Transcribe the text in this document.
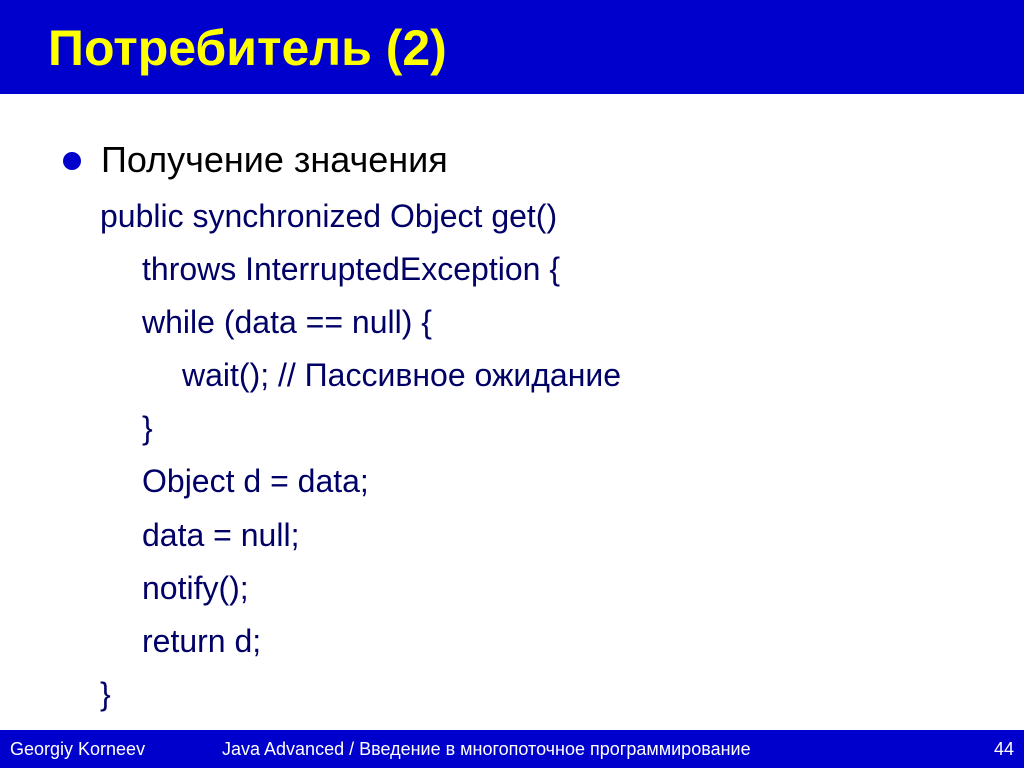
Потребитель (2)
Получение значения
public synchronized Object get()
throws InterruptedException {
while (data == null) {
wait(); // Пассивное ожидание
}
Object d = data;
data = null;
notify();
return d;
}
Georgiy Korneev	Java Advanced / Введение в многопоточное программирование	44
